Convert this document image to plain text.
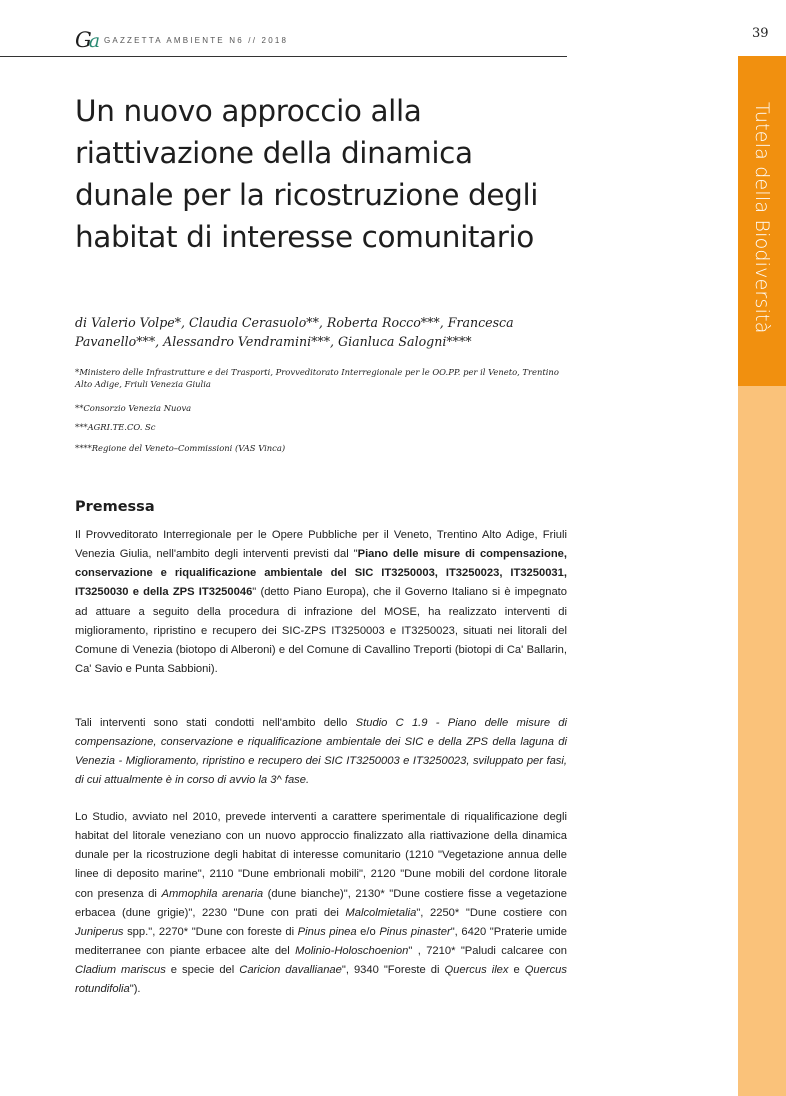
Ga GAZZETTA AMBIENTE N6 // 2018	39
Tutela della Biodiversità
Un nuovo approccio alla riattivazione della dinamica dunale per la ricostruzione degli habitat di interesse comunitario

di Valerio Volpe*, Claudia Cerasuolo**, Roberta Rocco***, Francesca Pavanello***, Alessandro Vendramini***, Gianluca Salogni****

*Ministero delle Infrastrutture e dei Trasporti, Provveditorato Interregionale per le OO.PP. per il Veneto, Trentino Alto Adige, Friuli Venezia Giulia

**Consorzio Venezia Nuova

***AGRI.TE.CO. Sc

****Regione del Veneto–Commissioni (VAS Vinca)

Premessa

Il Provveditorato Interregionale per le Opere Pubbliche per il Veneto, Trentino Alto Adige, Friuli Venezia Giulia, nell'ambito degli interventi previsti dal "Piano delle misure di compensazione, conservazione e riqualificazione ambientale del SIC IT3250003, IT3250023, IT3250031, IT3250030 e della ZPS IT3250046" (detto Piano Europa), che il Governo Italiano si è impegnato ad attuare a seguito della procedura di infrazione del MOSE, ha realizzato interventi di miglioramento, ripristino e recupero dei SIC-ZPS IT3250003 e IT3250023, situati nei litorali del Comune di Venezia (biotopo di Alberoni) e del Comune di Cavallino Treporti (biotopi di Ca' Ballarin, Ca' Savio e Punta Sabbioni).

Tali interventi sono stati condotti nell'ambito dello Studio C 1.9 - Piano delle misure di compensazione, conservazione e riqualificazione ambientale dei SIC e della ZPS della laguna di Venezia - Miglioramento, ripristino e recupero dei SIC IT3250003 e IT3250023, sviluppato per fasi, di cui attualmente è in corso di avvio la 3^ fase.

Lo Studio, avviato nel 2010, prevede interventi a carattere sperimentale di riqualificazione degli habitat del litorale veneziano con un nuovo approccio finalizzato alla riattivazione della dinamica dunale per la ricostruzione degli habitat di interesse comunitario (1210 "Vegetazione annua delle linee di deposito marine", 2110 "Dune embrionali mobili", 2120 "Dune mobili del cordone litorale con presenza di Ammophila arenaria (dune bianche)", 2130* "Dune costiere fisse a vegetazione erbacea (dune grigie)", 2230 "Dune con prati dei Malcolmietalia", 2250* "Dune costiere con Juniperus spp.", 2270* "Dune con foreste di Pinus pinea e/o Pinus pinaster", 6420 "Praterie umide mediterranee con piante erbacee alte del Molinio-Holoschoenion" , 7210* "Paludi calcaree con Cladium mariscus e specie del Caricion davallianae", 9340 "Foreste di Quercus ilex e Quercus rotundifolia").
